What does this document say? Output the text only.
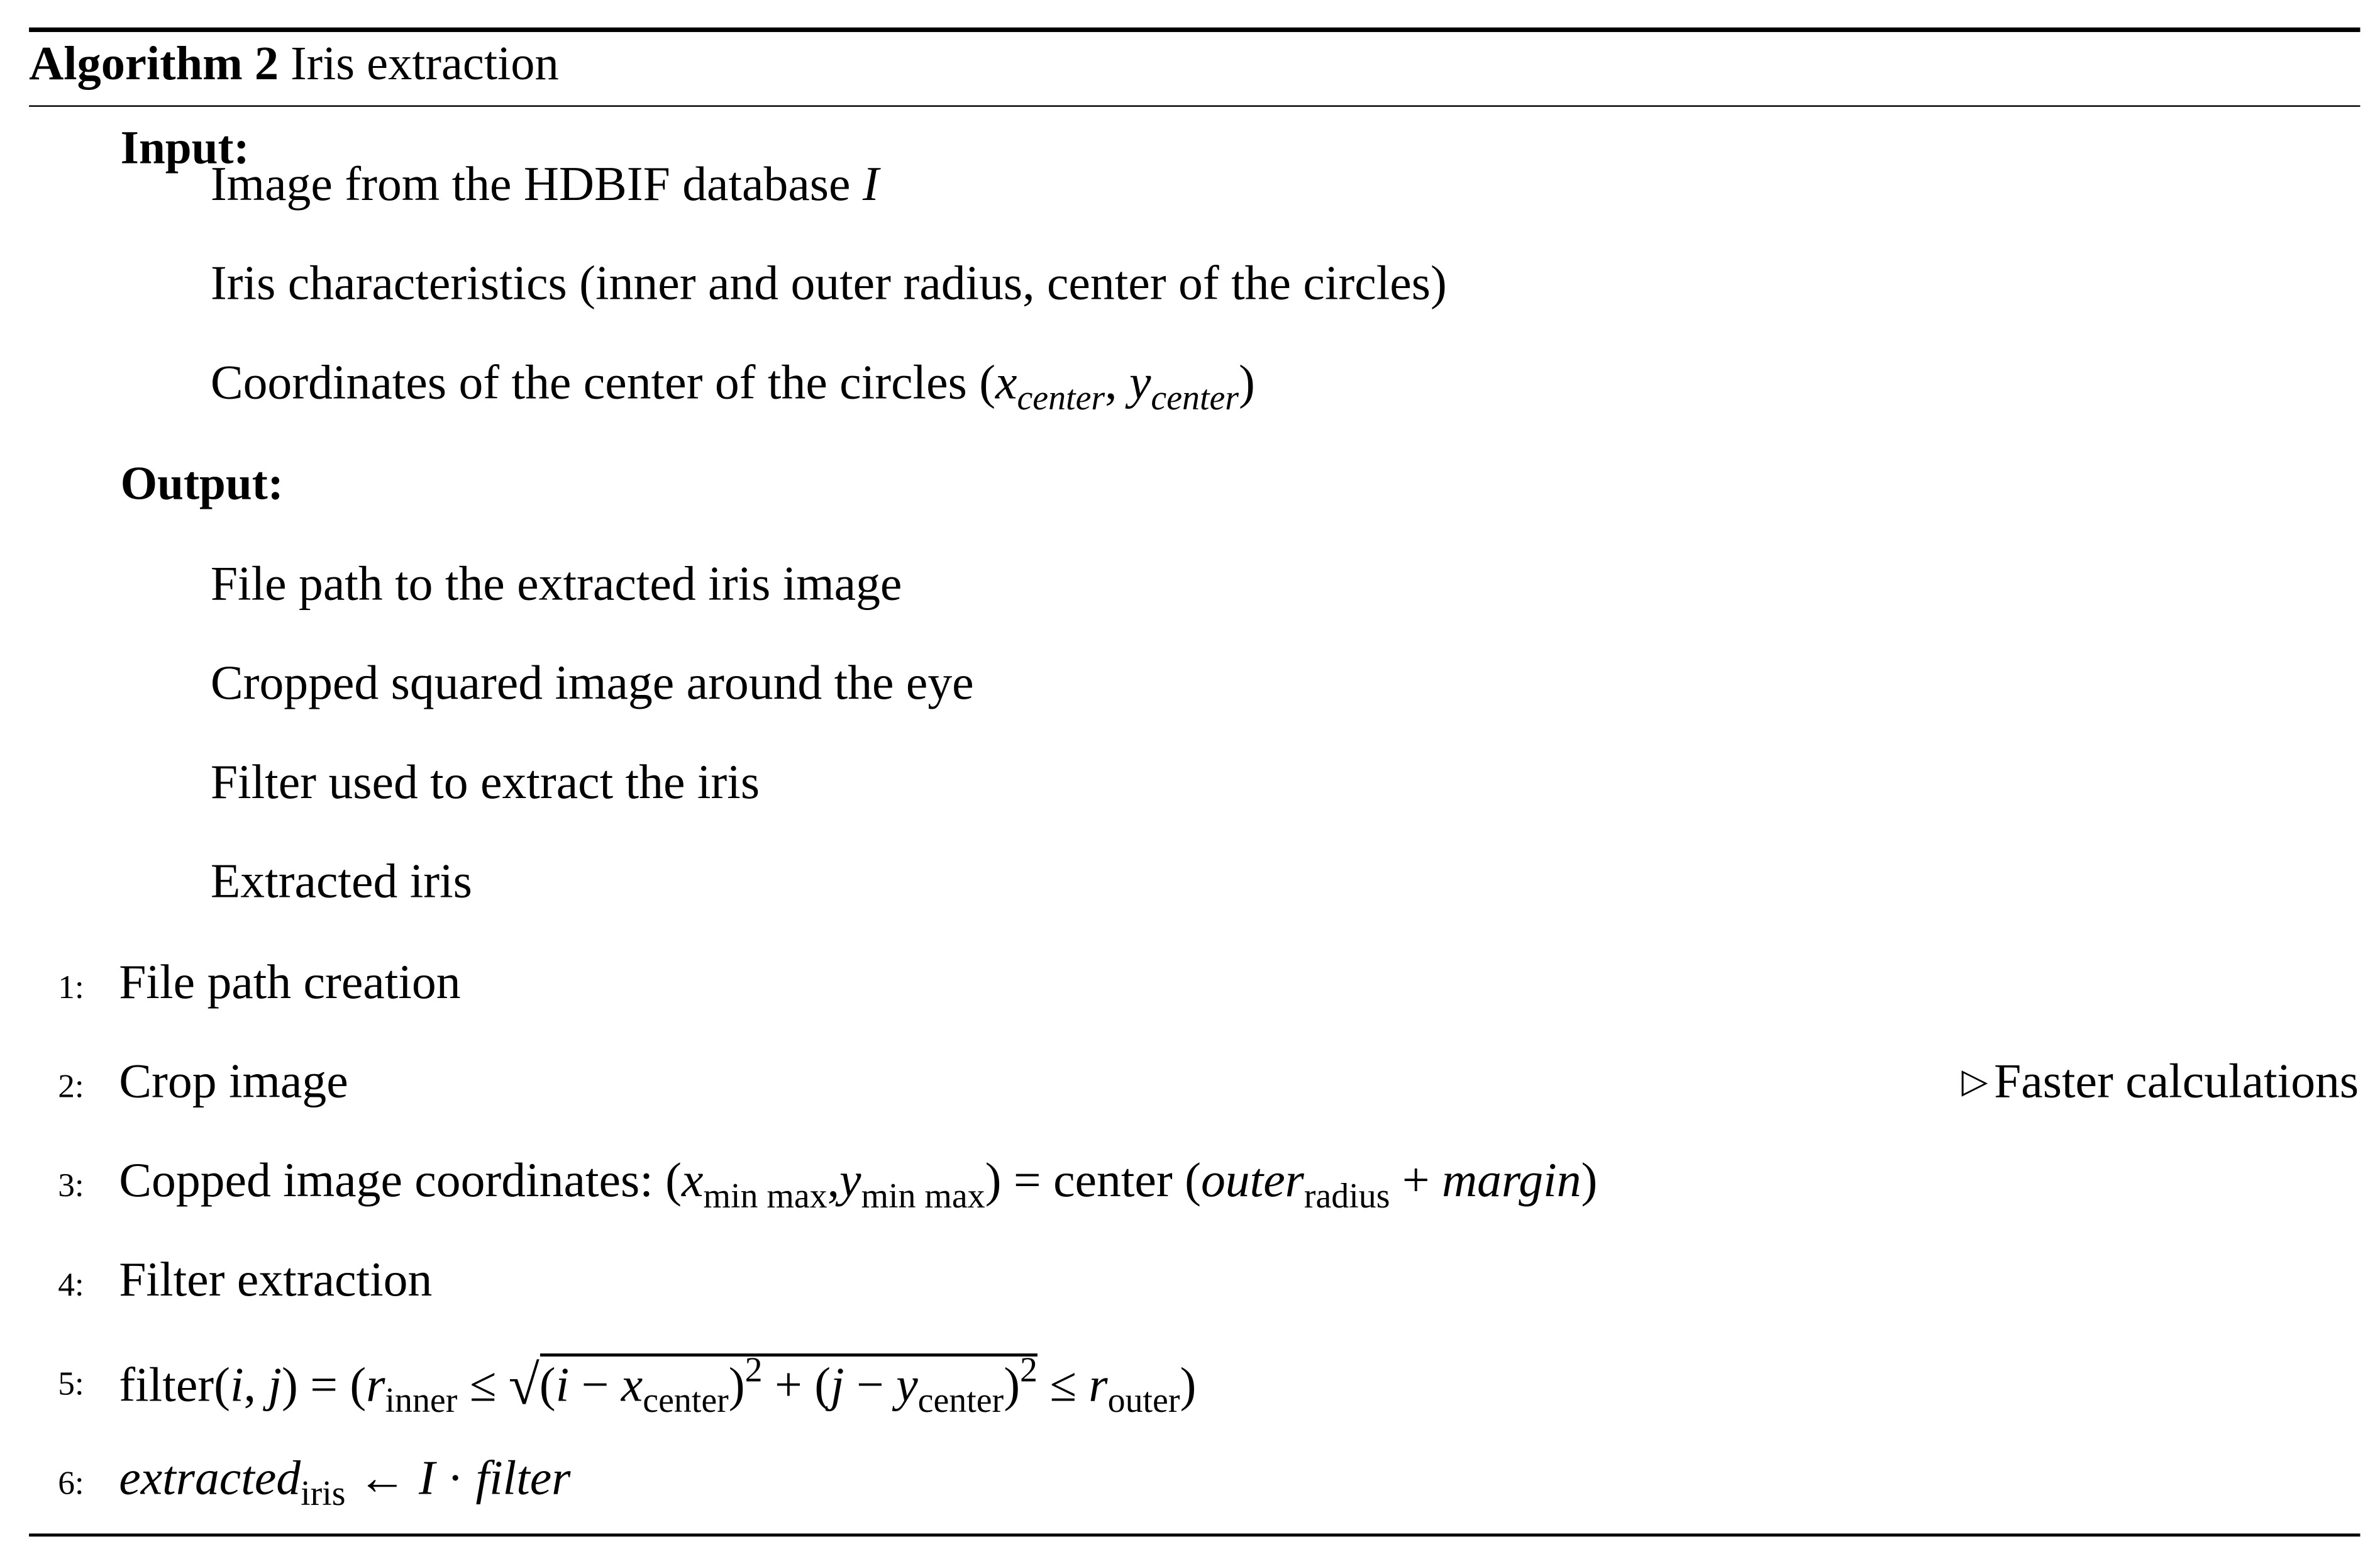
Algorithm 2 Iris extraction
Input:
Image from the HDBIF database I
Iris characteristics (inner and outer radius, center of the circles)
Coordinates of the center of the circles ($x_{center}$, $y_{center}$)
Output:
File path to the extracted iris image
Cropped squared image around the eye
Filter used to extract the iris
Extracted iris
1: File path creation
2: Crop image	▷ Faster calculations
3: Copped image coordinates: $(x_{min max},y_{min max})$ = center (outer$_{radius}$ + margin)
4: Filter extraction
5: filter(i, $j) = (r_{inner} \le √(i - x_{center})^2 + (j - y_{center})^2 \le r_{outer})$
6: extracted$_{iris}$ ← I · filter
